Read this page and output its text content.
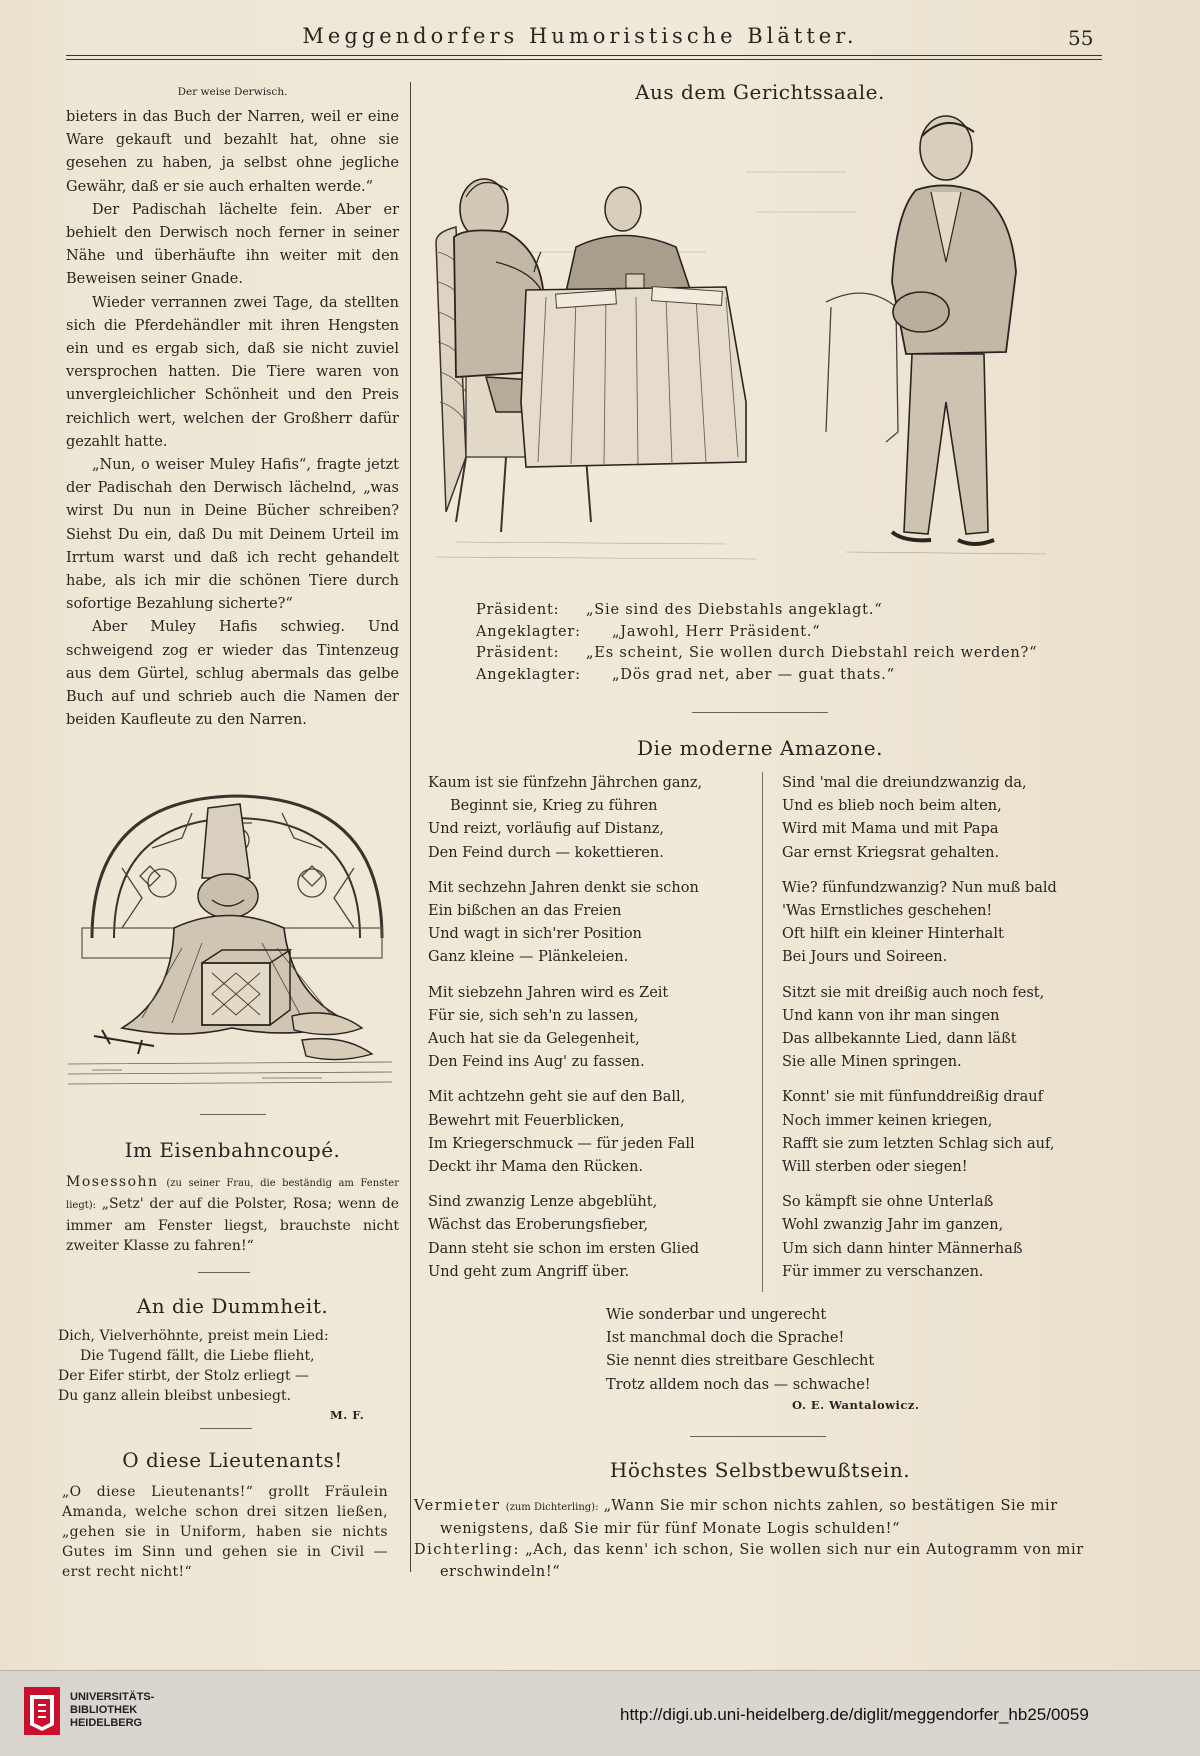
Meggendorfers Humoristische Blätter.	55
Der weise Derwisch.

bieters in das Buch der Narren, weil er eine Ware gekauft und bezahlt hat, ohne sie gesehen zu haben, ja selbst ohne jegliche Gewähr, daß er sie auch erhalten werde.“

Der Padischah lächelte fein. Aber er behielt den Derwisch noch ferner in seiner Nähe und überhäufte ihn weiter mit den Beweisen seiner Gnade.

Wieder verrannen zwei Tage, da stellten sich die Pferdehändler mit ihren Hengsten ein und es ergab sich, daß sie nicht zuviel versprochen hatten. Die Tiere waren von unvergleichlicher Schönheit und den Preis reichlich wert, welchen der Großherr dafür gezahlt hatte.

„Nun, o weiser Muley Hafis“, fragte jetzt der Padischah den Derwisch lächelnd, „was wirst Du nun in Deine Bücher schreiben? Siehst Du ein, daß Du mit Deinem Urteil im Irrtum warst und daß ich recht gehandelt habe, als ich mir die schönen Tiere durch sofortige Bezahlung sicherte?“

Aber Muley Hafis schwieg. Und schweigend zog er wieder das Tintenzeug aus dem Gürtel, schlug abermals das gelbe Buch auf und schrieb auch die Namen der beiden Kaufleute zu den Narren.

Im Eisenbahncoupé.
Mosessohn (zu seiner Frau, die beständig am Fenster liegt): „Setz' der auf die Polster, Rosa; wenn de immer am Fenster liegst, brauchste nicht zweiter Klasse zu fahren!“
An die Dummheit.
Dich, Vielverhöhnte, preist mein Lied:
Die Tugend fällt, die Liebe flieht,
Der Eifer stirbt, der Stolz erliegt —
Du ganz allein bleibst unbesiegt.
M. F.
O diese Lieutenants!
„O diese Lieutenants!“ grollt Fräulein Amanda, welche schon drei sitzen ließen, „gehen sie in Uniform, haben sie nichts Gutes im Sinn und gehen sie in Civil — erst recht nicht!“
Aus dem Gerichtssaale.
Präsident: „Sie sind des Diebstahls angeklagt.“
Angeklagter: „Jawohl, Herr Präsident.“
Präsident: „Es scheint, Sie wollen durch Diebstahl reich werden?“
Angeklagter: „Dös grad net, aber — guat thats.“
Die moderne Amazone.
Kaum ist sie fünfzehn Jährchen ganz,
Beginnt sie, Krieg zu führen
Und reizt, vorläufig auf Distanz,
Den Feind durch — kokettieren.
Mit sechzehn Jahren denkt sie schon
Ein bißchen an das Freien
Und wagt in sich'rer Position
Ganz kleine — Plänkeleien.
Mit siebzehn Jahren wird es Zeit
Für sie, sich seh'n zu lassen,
Auch hat sie da Gelegenheit,
Den Feind ins Aug' zu fassen.
Mit achtzehn geht sie auf den Ball,
Bewehrt mit Feuerblicken,
Im Kriegerschmuck — für jeden Fall
Deckt ihr Mama den Rücken.
Sind zwanzig Lenze abgeblüht,
Wächst das Eroberungsfieber,
Dann steht sie schon im ersten Glied
Und geht zum Angriff über.
Sind 'mal die dreiundzwanzig da,
Und es blieb noch beim alten,
Wird mit Mama und mit Papa
Gar ernst Kriegsrat gehalten.
Wie? fünfundzwanzig? Nun muß bald
'Was Ernstliches geschehen!
Oft hilft ein kleiner Hinterhalt
Bei Jours und Soireen.
Sitzt sie mit dreißig auch noch fest,
Und kann von ihr man singen
Das allbekannte Lied, dann läßt
Sie alle Minen springen.
Konnt' sie mit fünfunddreißig drauf
Noch immer keinen kriegen,
Rafft sie zum letzten Schlag sich auf,
Will sterben oder siegen!
So kämpft sie ohne Unterlaß
Wohl zwanzig Jahr im ganzen,
Um sich dann hinter Männerhaß
Für immer zu verschanzen.
Wie sonderbar und ungerecht
Ist manchmal doch die Sprache!
Sie nennt dies streitbare Geschlecht
Trotz alldem noch das — schwache!
O. E. Wantalowicz.
Höchstes Selbstbewußtsein.
Vermieter (zum Dichterling): „Wann Sie mir schon nichts zahlen, so bestätigen Sie mir wenigstens, daß Sie mir für fünf Monate Logis schulden!“
Dichterling: „Ach, das kenn' ich schon, Sie wollen sich nur ein Autogramm von mir erschwindeln!“
UNIVERSITÄTS-
BIBLIOTHEK
HEIDELBERG	http://digi.ub.uni-heidelberg.de/diglit/meggendorfer_hb25/0059
